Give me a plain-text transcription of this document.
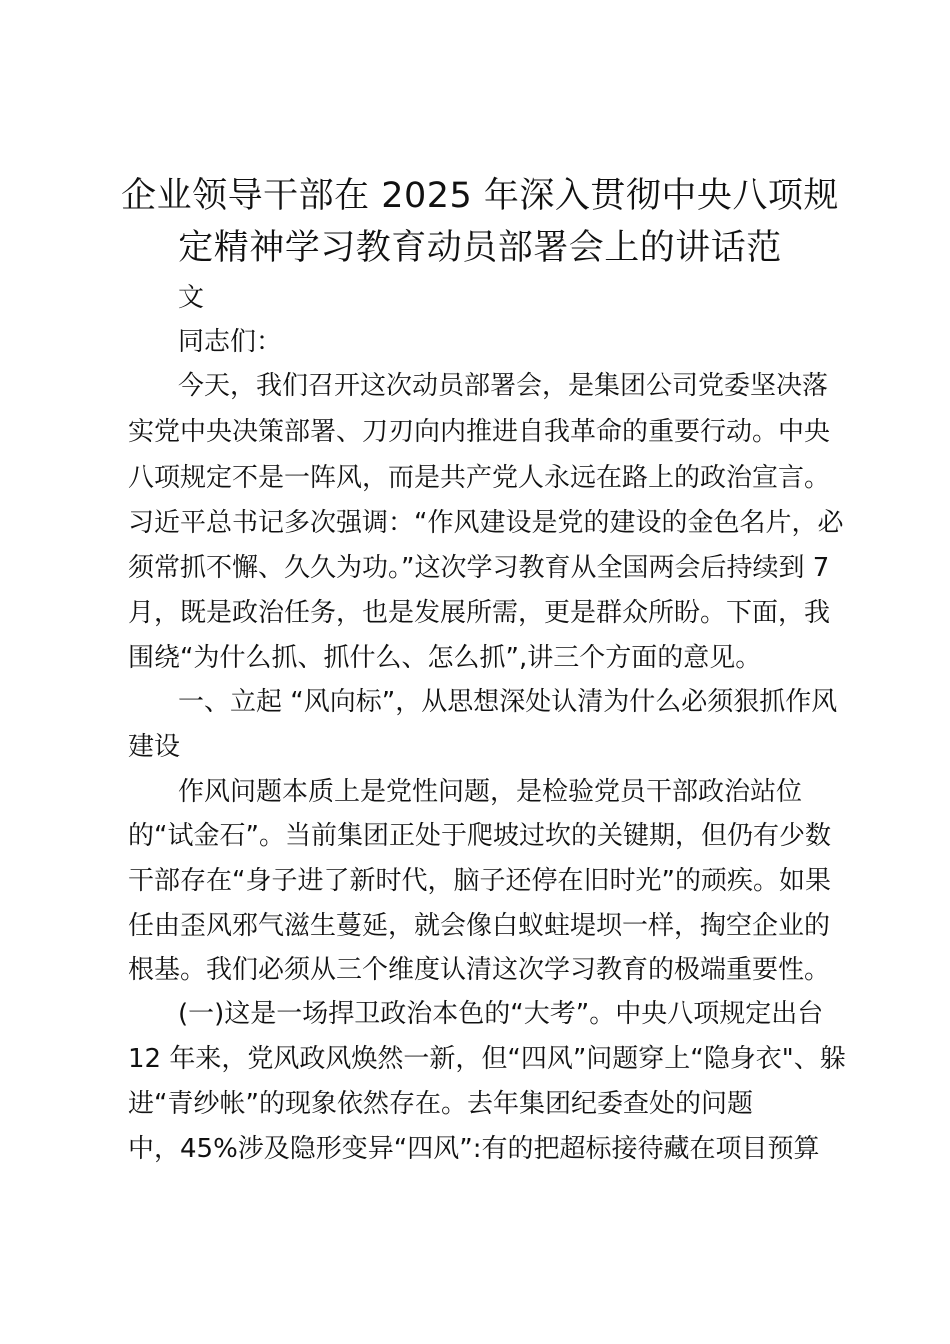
企业领导干部在 2025 年深入贯彻中央八项规
定精神学习教育动员部署会上的讲话范
文
同志们：
今天，我们召开这次动员部署会，是集团公司党委坚决落
实党中央决策部署、刀刃向内推进自我革命的重要行动。中央
八项规定不是一阵风，而是共产党人永远在路上的政治宣言。
习近平总书记多次强调：“作风建设是党的建设的金色名片，必
须常抓不懈、久久为功。”这次学习教育从全国两会后持续到 7
月，既是政治任务，也是发展所需，更是群众所盼。下面，我
围绕“为什么抓、抓什么、怎么抓”,讲三个方面的意见。
一、立起 “风向标”，从思想深处认清为什么必须狠抓作风
建设
作风问题本质上是党性问题，是检验党员干部政治站位
的“试金石”。当前集团正处于爬坡过坎的关键期，但仍有少数
干部存在“身子进了新时代，脑子还停在旧时光”的顽疾。如果
任由歪风邪气滋生蔓延，就会像白蚁蛀堤坝一样，掏空企业的
根基。我们必须从三个维度认清这次学习教育的极端重要性。
(一)这是一场捍卫政治本色的“大考”。中央八项规定出台
12 年来，党风政风焕然一新，但“四风”问题穿上“隐身衣"、躲
进“青纱帐”的现象依然存在。去年集团纪委查处的问题
中，45%涉及隐形变异“四风”:有的把超标接待藏在项目预算
